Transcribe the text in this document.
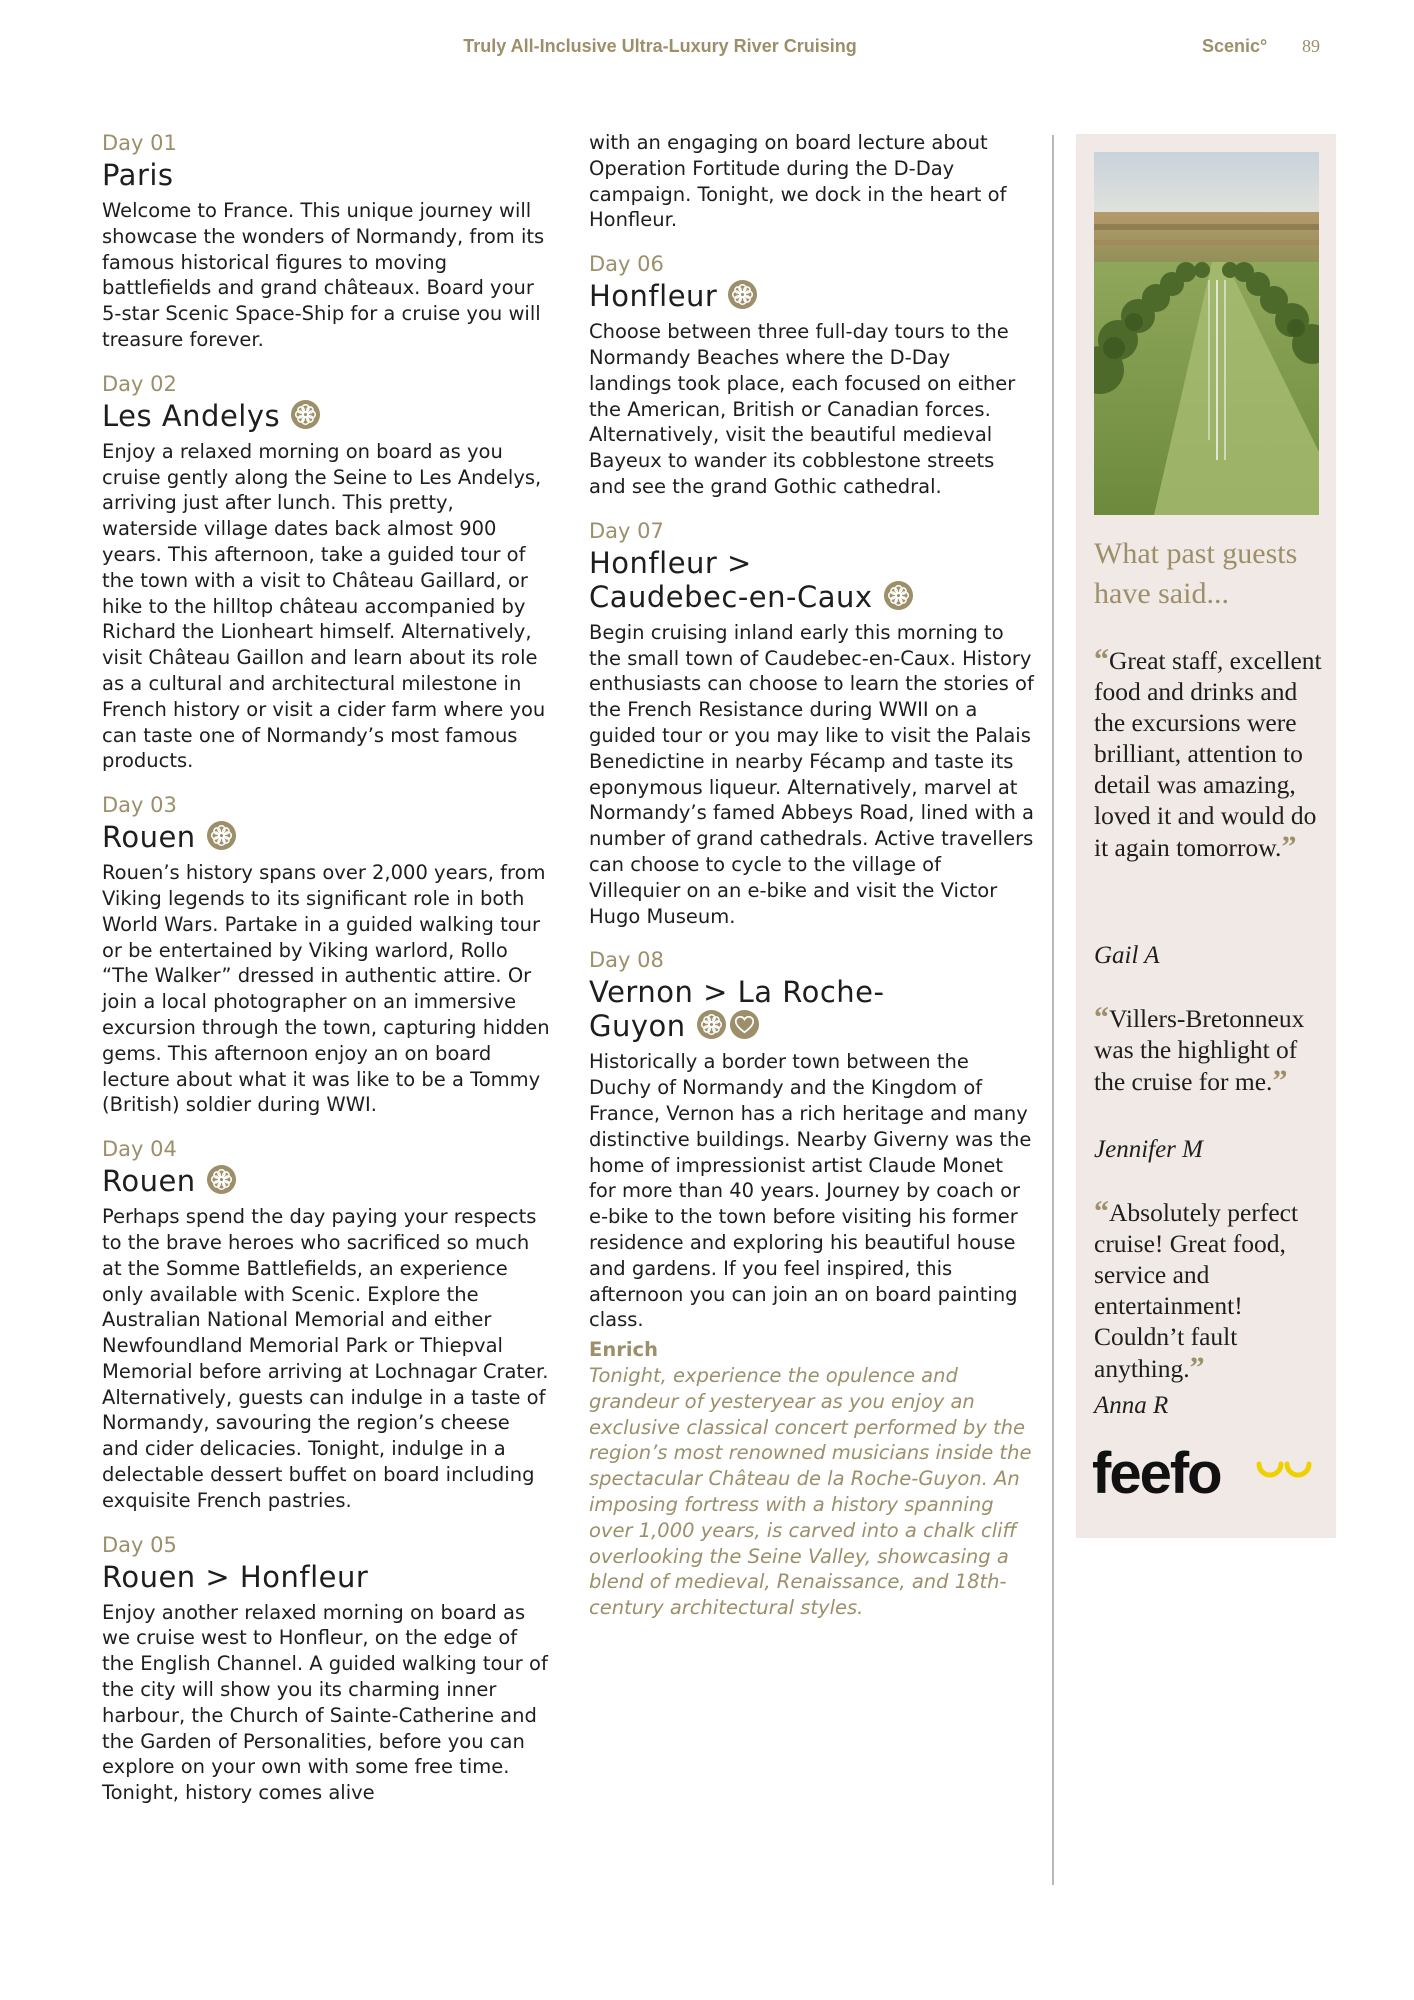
Truly All-Inclusive Ultra-Luxury River Cruising	Scenic° 89
Day 01
Paris

Welcome to France. This unique journey will showcase the wonders of Normandy, from its famous historical figures to moving battlefields and grand châteaux. Board your 5-star Scenic Space-Ship for a cruise you will treasure forever.

Day 02
Les Andelys

Enjoy a relaxed morning on board as you cruise gently along the Seine to Les Andelys, arriving just after lunch. This pretty, waterside village dates back almost 900 years. This afternoon, take a guided tour of the town with a visit to Château Gaillard, or hike to the hilltop château accompanied by Richard the Lionheart himself. Alternatively, visit Château Gaillon and learn about its role as a cultural and architectural milestone in French history or visit a cider farm where you can taste one of Normandy’s most famous products.

Day 03
Rouen

Rouen’s history spans over 2,000 years, from Viking legends to its significant role in both World Wars. Partake in a guided walking tour or be entertained by Viking warlord, Rollo “The Walker” dressed in authentic attire. Or join a local photographer on an immersive excursion through the town, capturing hidden gems. This afternoon enjoy an on board lecture about what it was like to be a Tommy (British) soldier during WWI.

Day 04
Rouen

Perhaps spend the day paying your respects to the brave heroes who sacrificed so much at the Somme Battlefields, an experience only available with Scenic. Explore the Australian National Memorial and either Newfoundland Memorial Park or Thiepval Memorial before arriving at Lochnagar Crater. Alternatively, guests can indulge in a taste of Normandy, savouring the region’s cheese and cider delicacies. Tonight, indulge in a delectable dessert buffet on board including exquisite French pastries.

Day 05
Rouen > Honfleur

Enjoy another relaxed morning on board as we cruise west to Honfleur, on the edge of the English Channel. A guided walking tour of the city will show you its charming inner harbour, the Church of Sainte-Catherine and the Garden of Personalities, before you can explore on your own with some free time. Tonight, history comes alive

with an engaging on board lecture about Operation Fortitude during the D-Day campaign. Tonight, we dock in the heart of Honfleur.

Day 06
Honfleur

Choose between three full-day tours to the Normandy Beaches where the D-Day landings took place, each focused on either the American, British or Canadian forces. Alternatively, visit the beautiful medieval Bayeux to wander its cobblestone streets and see the grand Gothic cathedral.

Day 07
Honfleur > Caudebec-en-Caux

Begin cruising inland early this morning to the small town of Caudebec-en-Caux. History enthusiasts can choose to learn the stories of the French Resistance during WWII on a guided tour or you may like to visit the Palais Benedictine in nearby Fécamp and taste its eponymous liqueur. Alternatively, marvel at Normandy’s famed Abbeys Road, lined with a number of grand cathedrals. Active travellers can choose to cycle to the village of Villequier on an e-bike and visit the Victor Hugo Museum.

Day 08
Vernon > La Roche-Guyon

Historically a border town between the Duchy of Normandy and the Kingdom of France, Vernon has a rich heritage and many distinctive buildings. Nearby Giverny was the home of impressionist artist Claude Monet for more than 40 years. Journey by coach or e-bike to the town before visiting his former residence and exploring his beautiful house and gardens. If you feel inspired, this afternoon you can join an on board painting class.

Enrich

Tonight, experience the opulence and grandeur of yesteryear as you enjoy an exclusive classical concert performed by the region’s most renowned musicians inside the spectacular Château de la Roche-Guyon. An imposing fortress with a history spanning over 1,000 years, is carved into a chalk cliff overlooking the Seine Valley, showcasing a blend of medieval, Renaissance, and 18th-century architectural styles.

What past guests have said...
“Great staff, excellent food and drinks and the excursions were brilliant, attention to detail was amazing, loved it and would do it again tomorrow.”
Gail A
“Villers-Bretonneux was the highlight of the cruise for me.”
Jennifer M
“Absolutely perfect cruise! Great food, service and entertainment! Couldn’t fault anything.”
Anna R
feefo
